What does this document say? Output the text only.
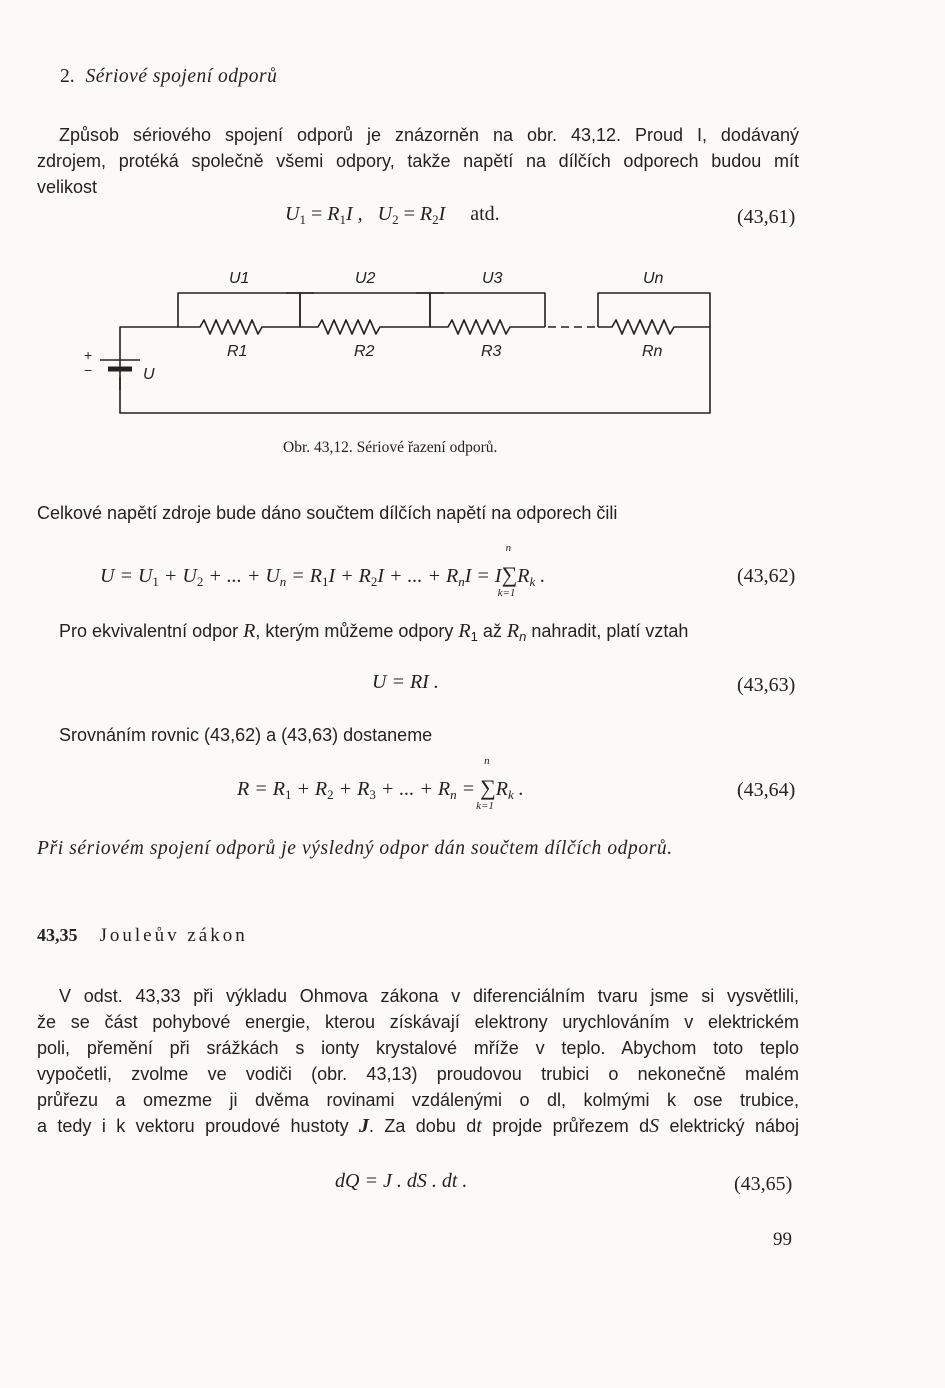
2. Sériové spojení odporů
Způsob sériového spojení odporů je znázorněn na obr. 43,12. Proud I, dodávaný
zdrojem, protéká společně všemi odpory, takže napětí na dílčích odporech budou mít
velikost
$U_1 = R_1I$ , $U_2 = R_2I$ atd.	(43,61)
U1	U2	U3	Un
R1	R2	R3	Rn
U
+
−
Obr. 43,12. Sériové řazení odporů.
Celkové napětí zdroje bude dáno součtem dílčích napětí na odporech čili
$U = U_1 + U_2$ + ... + $U_n = R_1I + R_2I$ + ... + $R_nI = I$
n
∑
k=1
$R_k$ .	(43,62)
Pro ekvivalentní odpor R, kterým můžeme odpory $R_1$ až $R_n$ nahradit, platí vztah
U = RI .	(43,63)
Srovnáním rovnic (43,62) a (43,63) dostaneme
$R = R_1 + R_2 + R_3$ + ... + $R_n$ =
n
∑
k=1
$R_k$ .	(43,64)
Při sériovém spojení odporů je výsledný odpor dán součtem dílčích odporů.
43,35 Jouleův zákon
V odst. 43,33 při výkladu Ohmova zákona v diferenciálním tvaru jsme si vysvětlili,
že se část pohybové energie, kterou získávají elektrony urychlováním v elektrickém
poli, přemění při srážkách s ionty krystalové mříže v teplo. Abychom toto teplo
vypočetli, zvolme ve vodiči (obr. 43,13) proudovou trubici o nekonečně malém
průřezu a omezme ji dvěma rovinami vzdálenými o dl, kolmými k ose trubice,
a tedy i k vektoru proudové hustoty J. Za dobu dt projde průřezem dS elektrický náboj
dQ = J . dS . dt .	(43,65)
99
